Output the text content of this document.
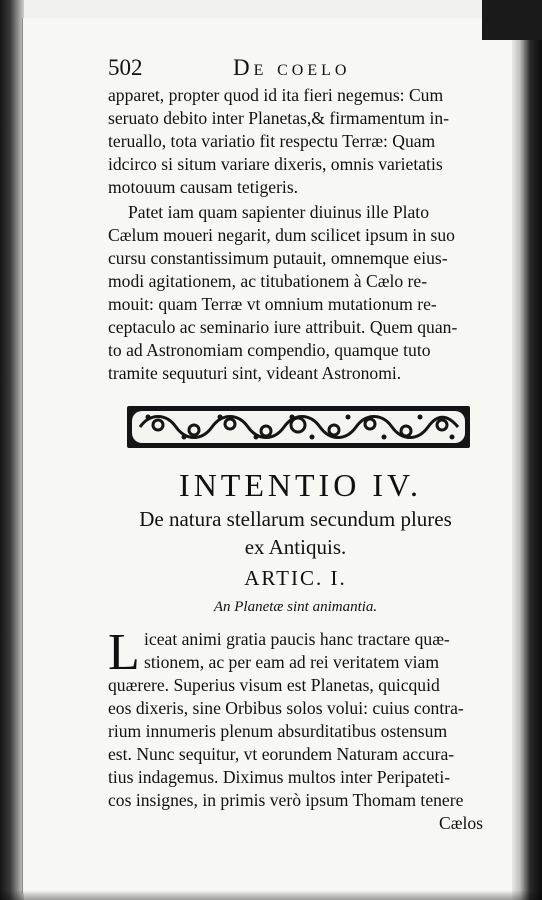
502	De coelo
apparet, propter quod id ita fieri negemus: Cum
seruato debito inter Planetas,& firmamentum in-
teruallo, tota variatio fit respectu Terræ: Quam
idcirco si situm variare dixeris, omnis varietatis
motouum causam tetigeris.
Patet iam quam sapienter diuinus ille Plato
Cælum moueri negarit, dum scilicet ipsum in suo
cursu constantissimum putauit, omnemque eius-
modi agitationem, ac titubationem à Cælo re-
mouit: quam Terræ vt omnium mutationum re-
ceptaculo ac seminario iure attribuit. Quem quan-
to ad Astronomiam compendio, quamque tuto
tramite sequuturi sint, videant Astronomi.
INTENTIO IV.
De natura stellarum secundum plures
ex Antiquis.
ARTIC. I.
An Planetæ sint animantia.
L iceat animi gratia paucis hanc tractare quæ-
stionem, ac per eam ad rei veritatem viam
quærere. Superius visum est Planetas, quicquid
eos dixeris, sine Orbibus solos volui: cuius contra-
rium innumeris plenum absurditatibus ostensum
est. Nunc sequitur, vt eorundem Naturam accura-
tius indagemus. Diximus multos inter Peripateti-
cos insignes, in primis verò ipsum Thomam tenere
Cælos
